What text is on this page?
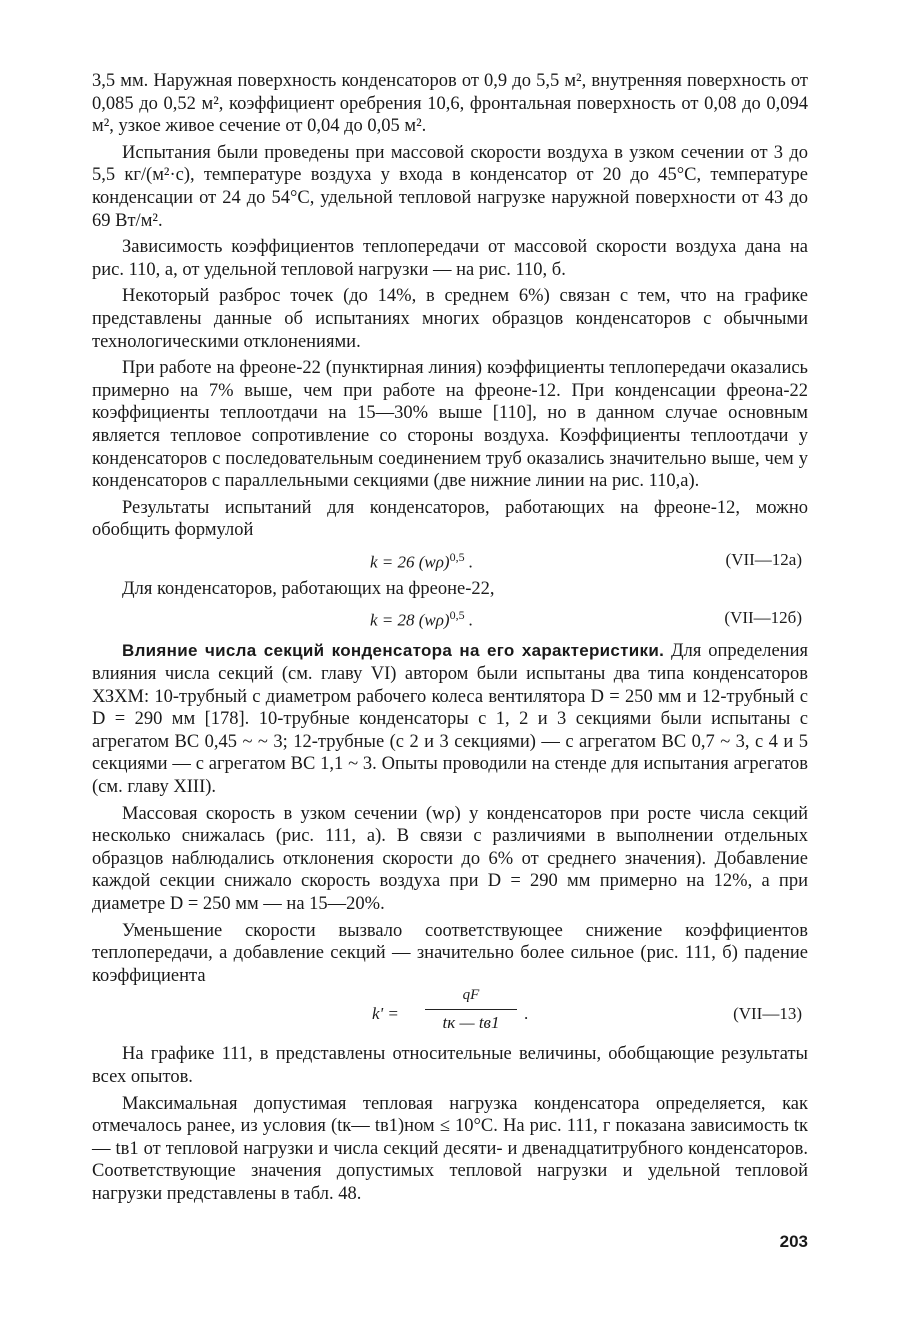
3,5 мм. Наружная поверхность конденсаторов от 0,9 до 5,5 м², внутренняя поверхность от 0,085 до 0,52 м², коэффициент оребрения 10,6, фронтальная поверхность от 0,08 до 0,094 м², узкое живое сечение от 0,04 до 0,05 м².

Испытания были проведены при массовой скорости воздуха в узком сечении от 3 до 5,5 кг/(м²·с), температуре воздуха у входа в конденсатор от 20 до 45°С, температуре конденсации от 24 до 54°С, удельной тепловой нагрузке наружной поверхности от 43 до 69 Вт/м².

Зависимость коэффициентов теплопередачи от массовой скорости воздуха дана на рис. 110, а, от удельной тепловой нагрузки — на рис. 110, б.

Некоторый разброс точек (до 14%, в среднем 6%) связан с тем, что на графике представлены данные об испытаниях многих образцов конденсаторов с обычными технологическими отклонениями.

При работе на фреоне-22 (пунктирная линия) коэффициенты теплопередачи оказались примерно на 7% выше, чем при работе на фреоне-12. При конденсации фреона-22 коэффициенты теплоотдачи на 15—30% выше [110], но в данном случае основным является тепловое сопротивление со стороны воздуха. Коэффициенты теплоотдачи у конденсаторов с последовательным соединением труб оказались значительно выше, чем у конденсаторов с параллельными секциями (две нижние линии на рис. 110,а).

Результаты испытаний для конденсаторов, работающих на фреоне-12, можно обобщить формулой

k = 26 $(w\rho)^{0,5}$ .	(VII—12а)

Для конденсаторов, работающих на фреоне-22,

k = 28 $(w\rho)^{0,5}$ .	(VII—12б)

Влияние числа секций конденсатора на его характеристики. Для определения влияния числа секций (см. главу VI) автором были испытаны два типа конденсаторов ХЗХМ: 10-трубный с диаметром рабочего колеса вентилятора D = 250 мм и 12-трубный с D = 290 мм [178]. 10-трубные конденсаторы с 1, 2 и 3 секциями были испытаны с агрегатом ВС 0,45 ~ ~ 3; 12-трубные (с 2 и 3 секциями) — с агрегатом ВС 0,7 ~ 3, с 4 и 5 секциями — с агрегатом ВС 1,1 ~ 3. Опыты проводили на стенде для испытания агрегатов (см. главу XIII).

Массовая скорость в узком сечении (wρ) у конденсаторов при росте числа секций несколько снижалась (рис. 111, а). В связи с различиями в выполнении отдельных образцов наблюдались отклонения скорости до 6% от среднего значения). Добавление каждой секции снижало скорость воздуха при D = 290 мм примерно на 12%, а при диаметре D = 250 мм — на 15—20%.

Уменьшение скорости вызвало соответствующее снижение коэффициентов теплопередачи, а добавление секций — значительно более сильное (рис. 111, б) падение коэффициента

k' =
qF
tк — tв1	.	(VII—13)

На графике 111, в представлены относительные величины, обобщающие результаты всех опытов.

Максимальная допустимая тепловая нагрузка конденсатора определяется, как отмечалось ранее, из условия (tк— tв1)ном ≤ 10°С. На рис. 111, г показана зависимость tк — tв1 от тепловой нагрузки и числа секций десяти- и двенадцатитрубного конденсаторов. Соответствующие значения допустимых тепловой нагрузки и удельной тепловой нагрузки представлены в табл. 48.

203
